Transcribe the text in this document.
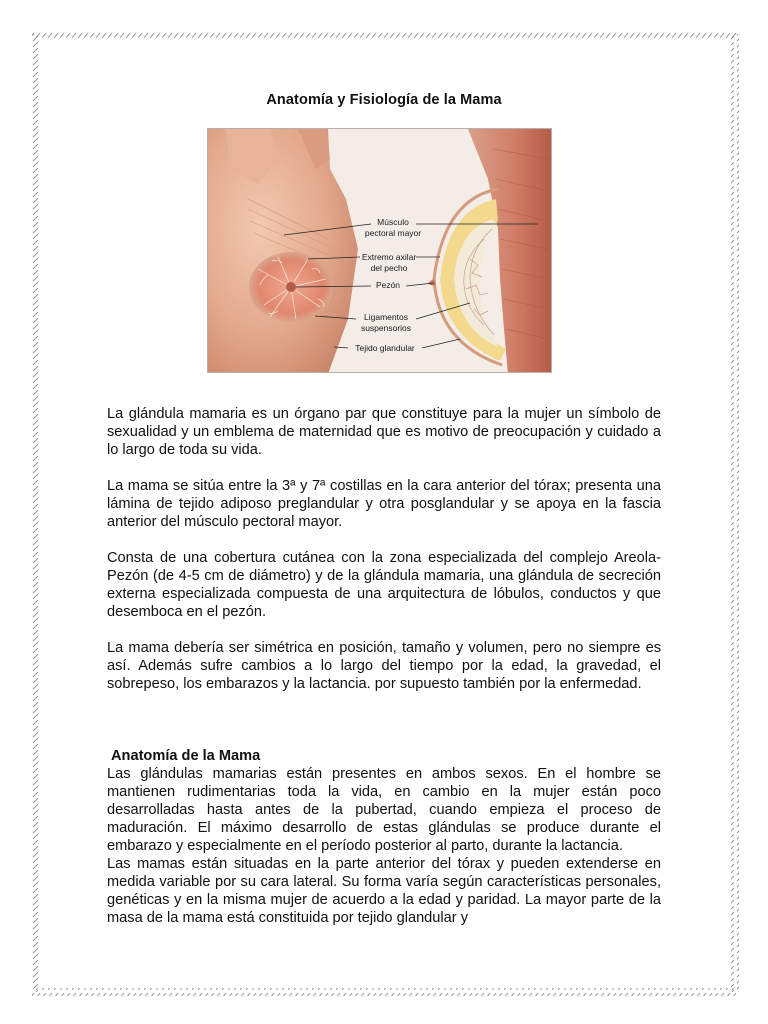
Anatomía y Fisiología de la Mama
Músculo
pectoral mayor
Extremo axilar
del pecho
Pezón
Ligamentos
suspensorios
Tejido glandular

La glándula mamaria es un órgano par que constituye para la mujer un símbolo de sexualidad y un emblema de maternidad que es motivo de preocupación y cuidado a lo largo de toda su vida.

La mama se sitúa entre la 3ª y 7ª costillas en la cara anterior del tórax; presenta una lámina de tejido adiposo preglandular y otra posglandular y se apoya en la fascia anterior del músculo pectoral mayor.

Consta de una cobertura cutánea con la zona especializada del complejo Areola-Pezón (de 4-5 cm de diámetro) y de la glándula mamaria, una glándula de secreción externa especializada compuesta de una arquitectura de lóbulos, conductos y que desemboca en el pezón.

La mama debería ser simétrica en posición, tamaño y volumen, pero no siempre es así. Además sufre cambios a lo largo del tiempo por la edad, la gravedad, el sobrepeso, los embarazos y la lactancia. por supuesto también por la enfermedad.

Anatomía de la Mama

Las glándulas mamarias están presentes en ambos sexos. En el hombre se mantienen rudimentarias toda la vida, en cambio en la mujer están poco desarrolladas hasta antes de la pubertad, cuando empieza el proceso de maduración. El máximo desarrollo de estas glándulas se produce durante el embarazo y especialmente en el período posterior al parto, durante la lactancia.

Las mamas están situadas en la parte anterior del tórax y pueden extenderse en medida variable por su cara lateral. Su forma varía según características personales, genéticas y en la misma mujer de acuerdo a la edad y paridad. La mayor parte de la masa de la mama está constituida por tejido glandular y
